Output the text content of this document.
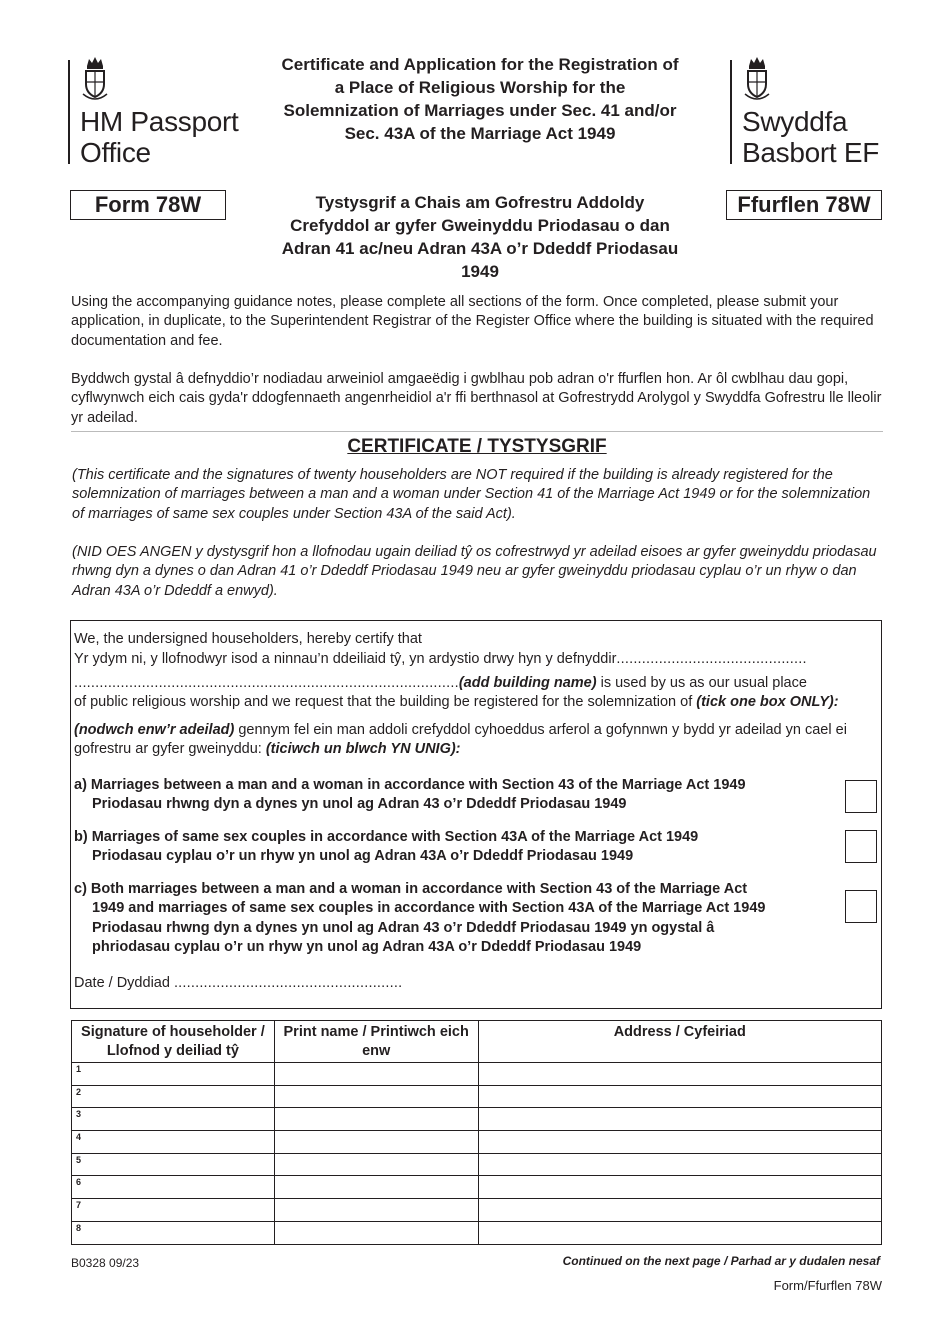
HM Passport
Office
Swyddfa
Basbort EF
Certificate and Application for the Registration of a Place of Religious Worship for the Solemnization of Marriages under Sec. 41 and/or Sec. 43A of the Marriage Act 1949
Tystysgrif a Chais am Gofrestru Addoldy Crefyddol ar gyfer Gweinyddu Priodasau o dan Adran 41 ac/neu Adran 43A o’r Ddeddf Priodasau 1949
Form 78W	Ffurflen 78W
Using the accompanying guidance notes, please complete all sections of the form. Once completed, please submit your application, in duplicate, to the Superintendent Registrar of the Register Office where the building is situated with the required documentation and fee.
Byddwch gystal â defnyddio’r nodiadau arweiniol amgaeëdig i gwblhau pob adran o'r ffurflen hon. Ar ôl cwblhau dau gopi, cyflwynwch eich cais gyda'r ddogfennaeth angenrheidiol a'r ffi berthnasol at Gofrestrydd Arolygol y Swyddfa Gofrestru lle lleolir yr adeilad.
CERTIFICATE / TYSTYSGRIF
(This certificate and the signatures of twenty householders are NOT required if the building is already registered for the solemnization of marriages between a man and a woman under Section 41 of the Marriage Act 1949 or for the solemnization of marriages of same sex couples under Section 43A of the said Act).
(NID OES ANGEN y dystysgrif hon a llofnodau ugain deiliad tŷ os cofrestrwyd yr adeilad eisoes ar gyfer gweinyddu priodasau rhwng dyn a dynes o dan Adran 41 o’r Ddeddf Priodasau 1949 neu ar gyfer gweinyddu priodasau cyplau o’r un rhyw o dan Adran 43A o’r Ddeddf a enwyd).
We, the undersigned householders, hereby certify that
Yr ydym ni, y llofnodwyr isod a ninnau’n ddeiliaid tŷ, yn ardystio drwy hyn y defnyddir.............................................
...........................................................................................(add building name) is used by us as our usual place
of public religious worship and we request that the building be registered for the solemnization of (tick one box ONLY):
(nodwch enw’r adeilad) gennym fel ein man addoli crefyddol cyhoeddus arferol a gofynnwn y bydd yr adeilad yn cael ei gofrestru ar gyfer gweinyddu: (ticiwch un blwch YN UNIG):
a) Marriages between a man and a woman in accordance with Section 43 of the Marriage Act 1949
Priodasau rhwng dyn a dynes yn unol ag Adran 43 o’r Ddeddf Priodasau 1949
b) Marriages of same sex couples in accordance with Section 43A of the Marriage Act 1949
Priodasau cyplau o’r un rhyw yn unol ag Adran 43A o’r Ddeddf Priodasau 1949
c) Both marriages between a man and a woman in accordance with Section 43 of the Marriage Act
1949 and marriages of same sex couples in accordance with Section 43A of the Marriage Act 1949
Priodasau rhwng dyn a dynes yn unol ag Adran 43 o’r Ddeddf Priodasau 1949 yn ogystal â
phriodasau cyplau o’r un rhyw yn unol ag Adran 43A o’r Ddeddf Priodasau 1949
Date / Dyddiad ......................................................
Signature of householder / Llofnod y deiliad tŷ	Print name / Printiwch eich enw	Address / Cyfeiriad
1		
2		
3		
4		
5		
6		
7		
8		
B0328 09/23	Continued on the next page / Parhad ar y dudalen nesaf
Form/Ffurflen 78W
